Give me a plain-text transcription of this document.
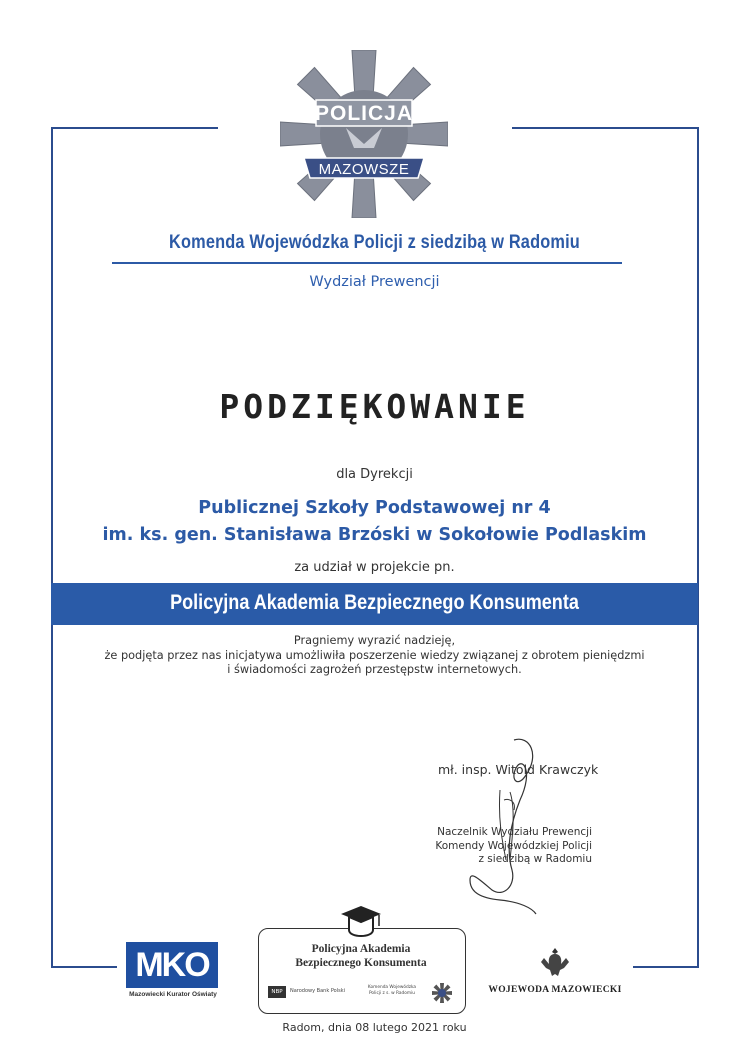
POLICJA
MAZOWSZE
Komenda Wojewódzka Policji z siedzibą w Radomiu
Wydział Prewencji
PODZIĘKOWANIE
dla Dyrekcji
Publicznej Szkoły Podstawowej nr 4
im. ks. gen. Stanisława Brzóski w Sokołowie Podlaskim
za udział w projekcie pn.
Policyjna Akademia Bezpiecznego Konsumenta
Pragniemy wyrazić nadzieję,
że podjęta przez nas inicjatywa umożliwiła poszerzenie wiedzy związanej z obrotem pieniędzmi
i świadomości zagrożeń przestępstw internetowych.
mł. insp. Witold Krawczyk
Naczelnik Wydziału Prewencji
Komendy Wojewódzkiej Policji
z siedzibą w Radomiu
MKO
Mazowiecki Kurator Oświaty
Policyjna Akademia
Bezpiecznego Konsumenta
NBP	Narodowy Bank Polski
Komenda Wojewódzka Policji z s. w Radomiu	WOJEWODA MAZOWIECKI
Radom, dnia 08 lutego 2021 roku
